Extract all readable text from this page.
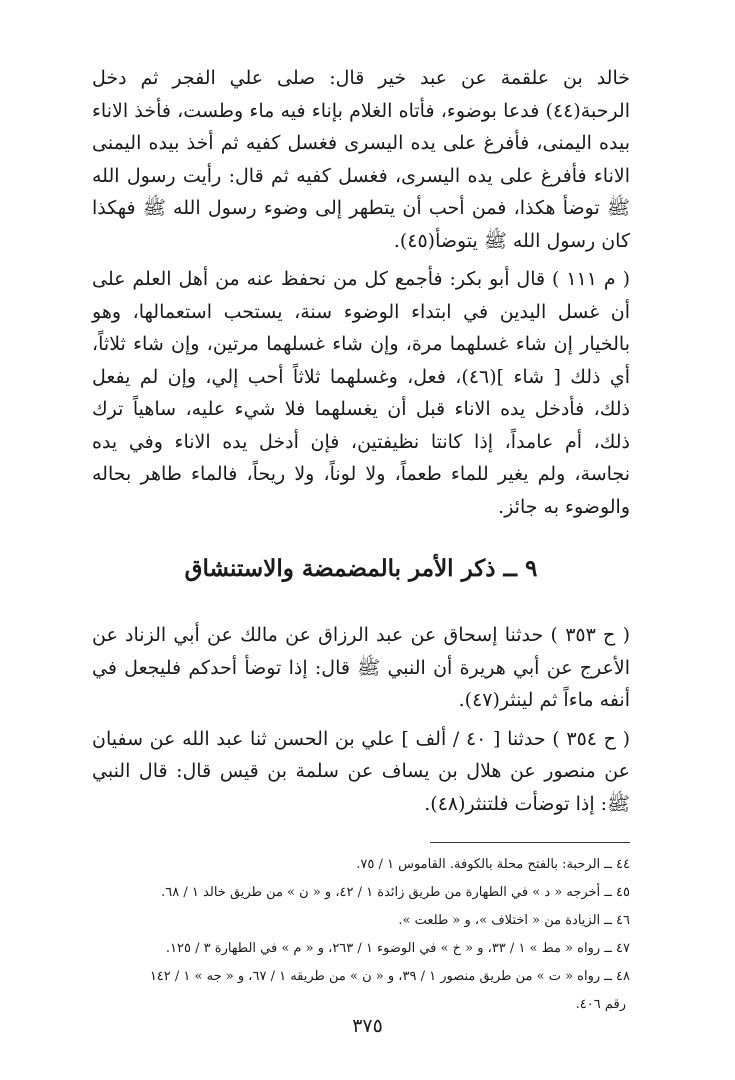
خالد بن علقمة عن عبد خير قال: صلى علي الفجر ثم دخل الرحبة(٤٤) فدعا بوضوء، فأتاه الغلام بإناء فيه ماء وطست، فأخذ الاناء بيده اليمنى، فأفرغ على يده اليسرى فغسل كفيه ثم أخذ بيده اليمنى الاناء فأفرغ على يده اليسرى، فغسل كفيه ثم قال: رأيت رسول الله ﷺ توضأ هكذا، فمن أحب أن يتطهر إلى وضوء رسول الله ﷺ فهكذا كان رسول الله ﷺ يتوضأ(٤٥).

( م ١١١ ) قال أبو بكر: فأجمع كل من نحفظ عنه من أهل العلم على أن غسل اليدين في ابتداء الوضوء سنة، يستحب استعمالها، وهو بالخيار إن شاء غسلهما مرة، وإن شاء غسلهما مرتين، وإن شاء ثلاثاً، أي ذلك [ شاء ](٤٦)، فعل، وغسلهما ثلاثاً أحب إلي، وإن لم يفعل ذلك، فأدخل يده الاناء قبل أن يغسلهما فلا شيء عليه، ساهياً ترك ذلك، أم عامداً، إذا كانتا نظيفتين، فإن أدخل يده الاناء وفي يده نجاسة، ولم يغير للماء طعماً، ولا لوناً، ولا ريحاً، فالماء طاهر بحاله والوضوء به جائز.

٩ ــ ذكر الأمر بالمضمضة والاستنشاق

( ح ٣٥٣ ) حدثنا إسحاق عن عبد الرزاق عن مالك عن أبي الزناد عن الأعرج عن أبي هريرة أن النبي ﷺ قال: إذا توضأ أحدكم فليجعل في أنفه ماءاً ثم لينثر(٤٧).

( ح ٣٥٤ ) حدثنا [ ٤٠ / ألف ] علي بن الحسن ثنا عبد الله عن سفيان عن منصور عن هلال بن يساف عن سلمة بن قيس قال: قال النبي ﷺ: إذا توضأت فلتنثر(٤٨).

٤٤ ــ الرحبة: بالفتح محلة بالكوفة. القاموس ١ / ٧٥.

٤٥ ــ أخرجه « د » في الطهارة من طريق زائدة ١ / ٤٢، و « ن » من طريق خالد ١ / ٦٨.

٤٦ ــ الزيادة من « اختلاف »، و « طلعت ».

٤٧ ــ رواه « مط » ١ / ٣٣، و « خ » في الوضوء ١ / ٢٦٣، و « م » في الطهارة ٣ / ١٢٥.

٤٨ ــ رواه « ت » من طريق منصور ١ / ٣٩، و « ن » من طريقه ١ / ٦٧، و « جه » ١ / ١٤٢

رقم ٤٠٦.

٣٧٥
